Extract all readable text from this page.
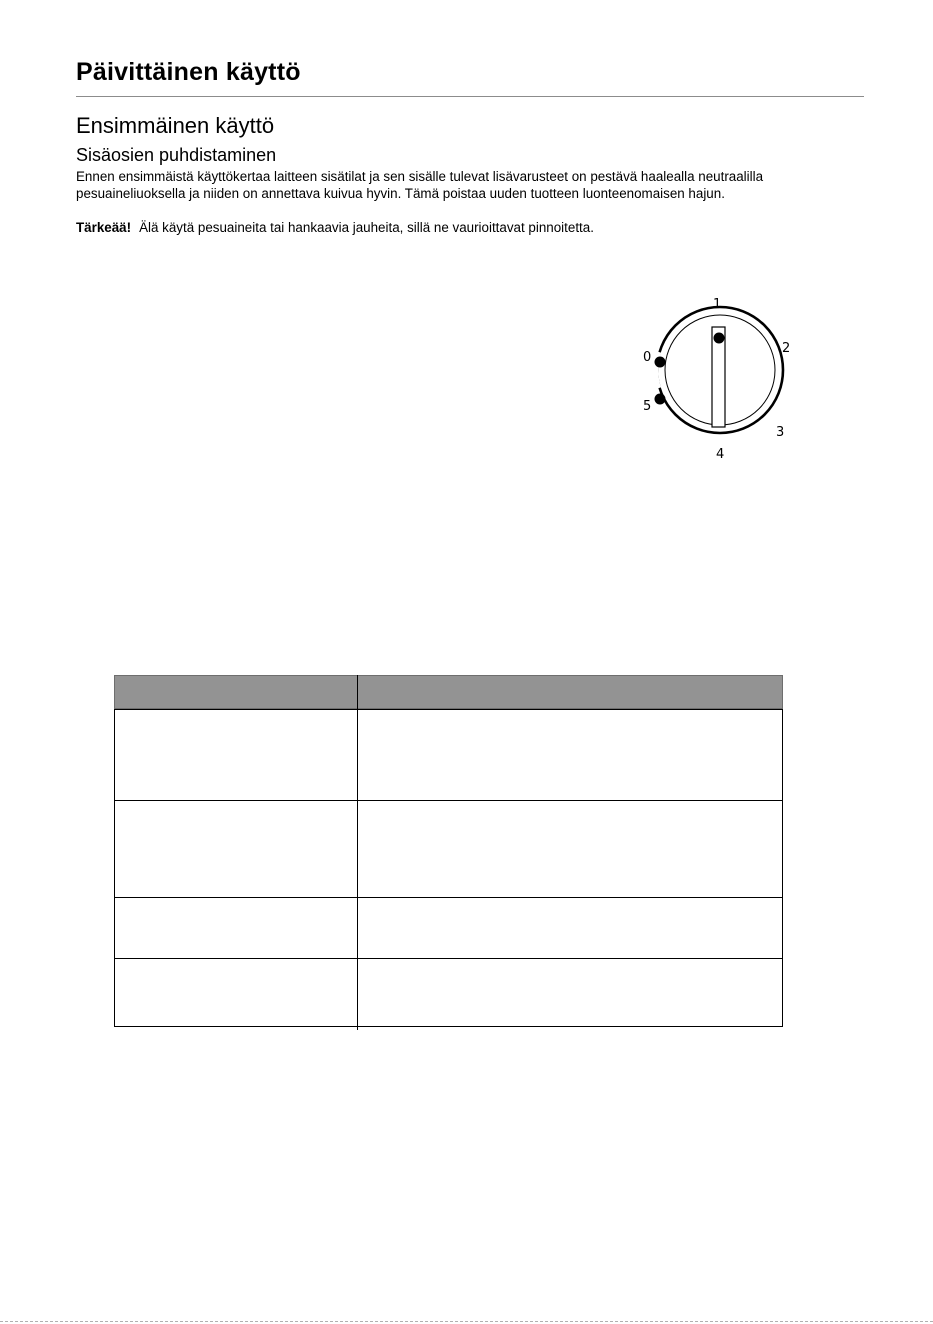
Päivittäinen käyttö
Ensimmäinen käyttö
Sisäosien puhdistaminen

Ennen ensimmäistä käyttökertaa laitteen sisätilat ja sen sisälle tulevat lisävarusteet on pestävä haalealla neutraalilla pesuaineliuoksella ja niiden on annettava kuivua hyvin. Tämä poistaa uuden tuotteen luonteenomaisen hajun.

Tärkeää! Älä käytä pesuaineita tai hankaavia jauheita, sillä ne vaurioittavat pinnoitetta.

0
1
2
3
4
5
